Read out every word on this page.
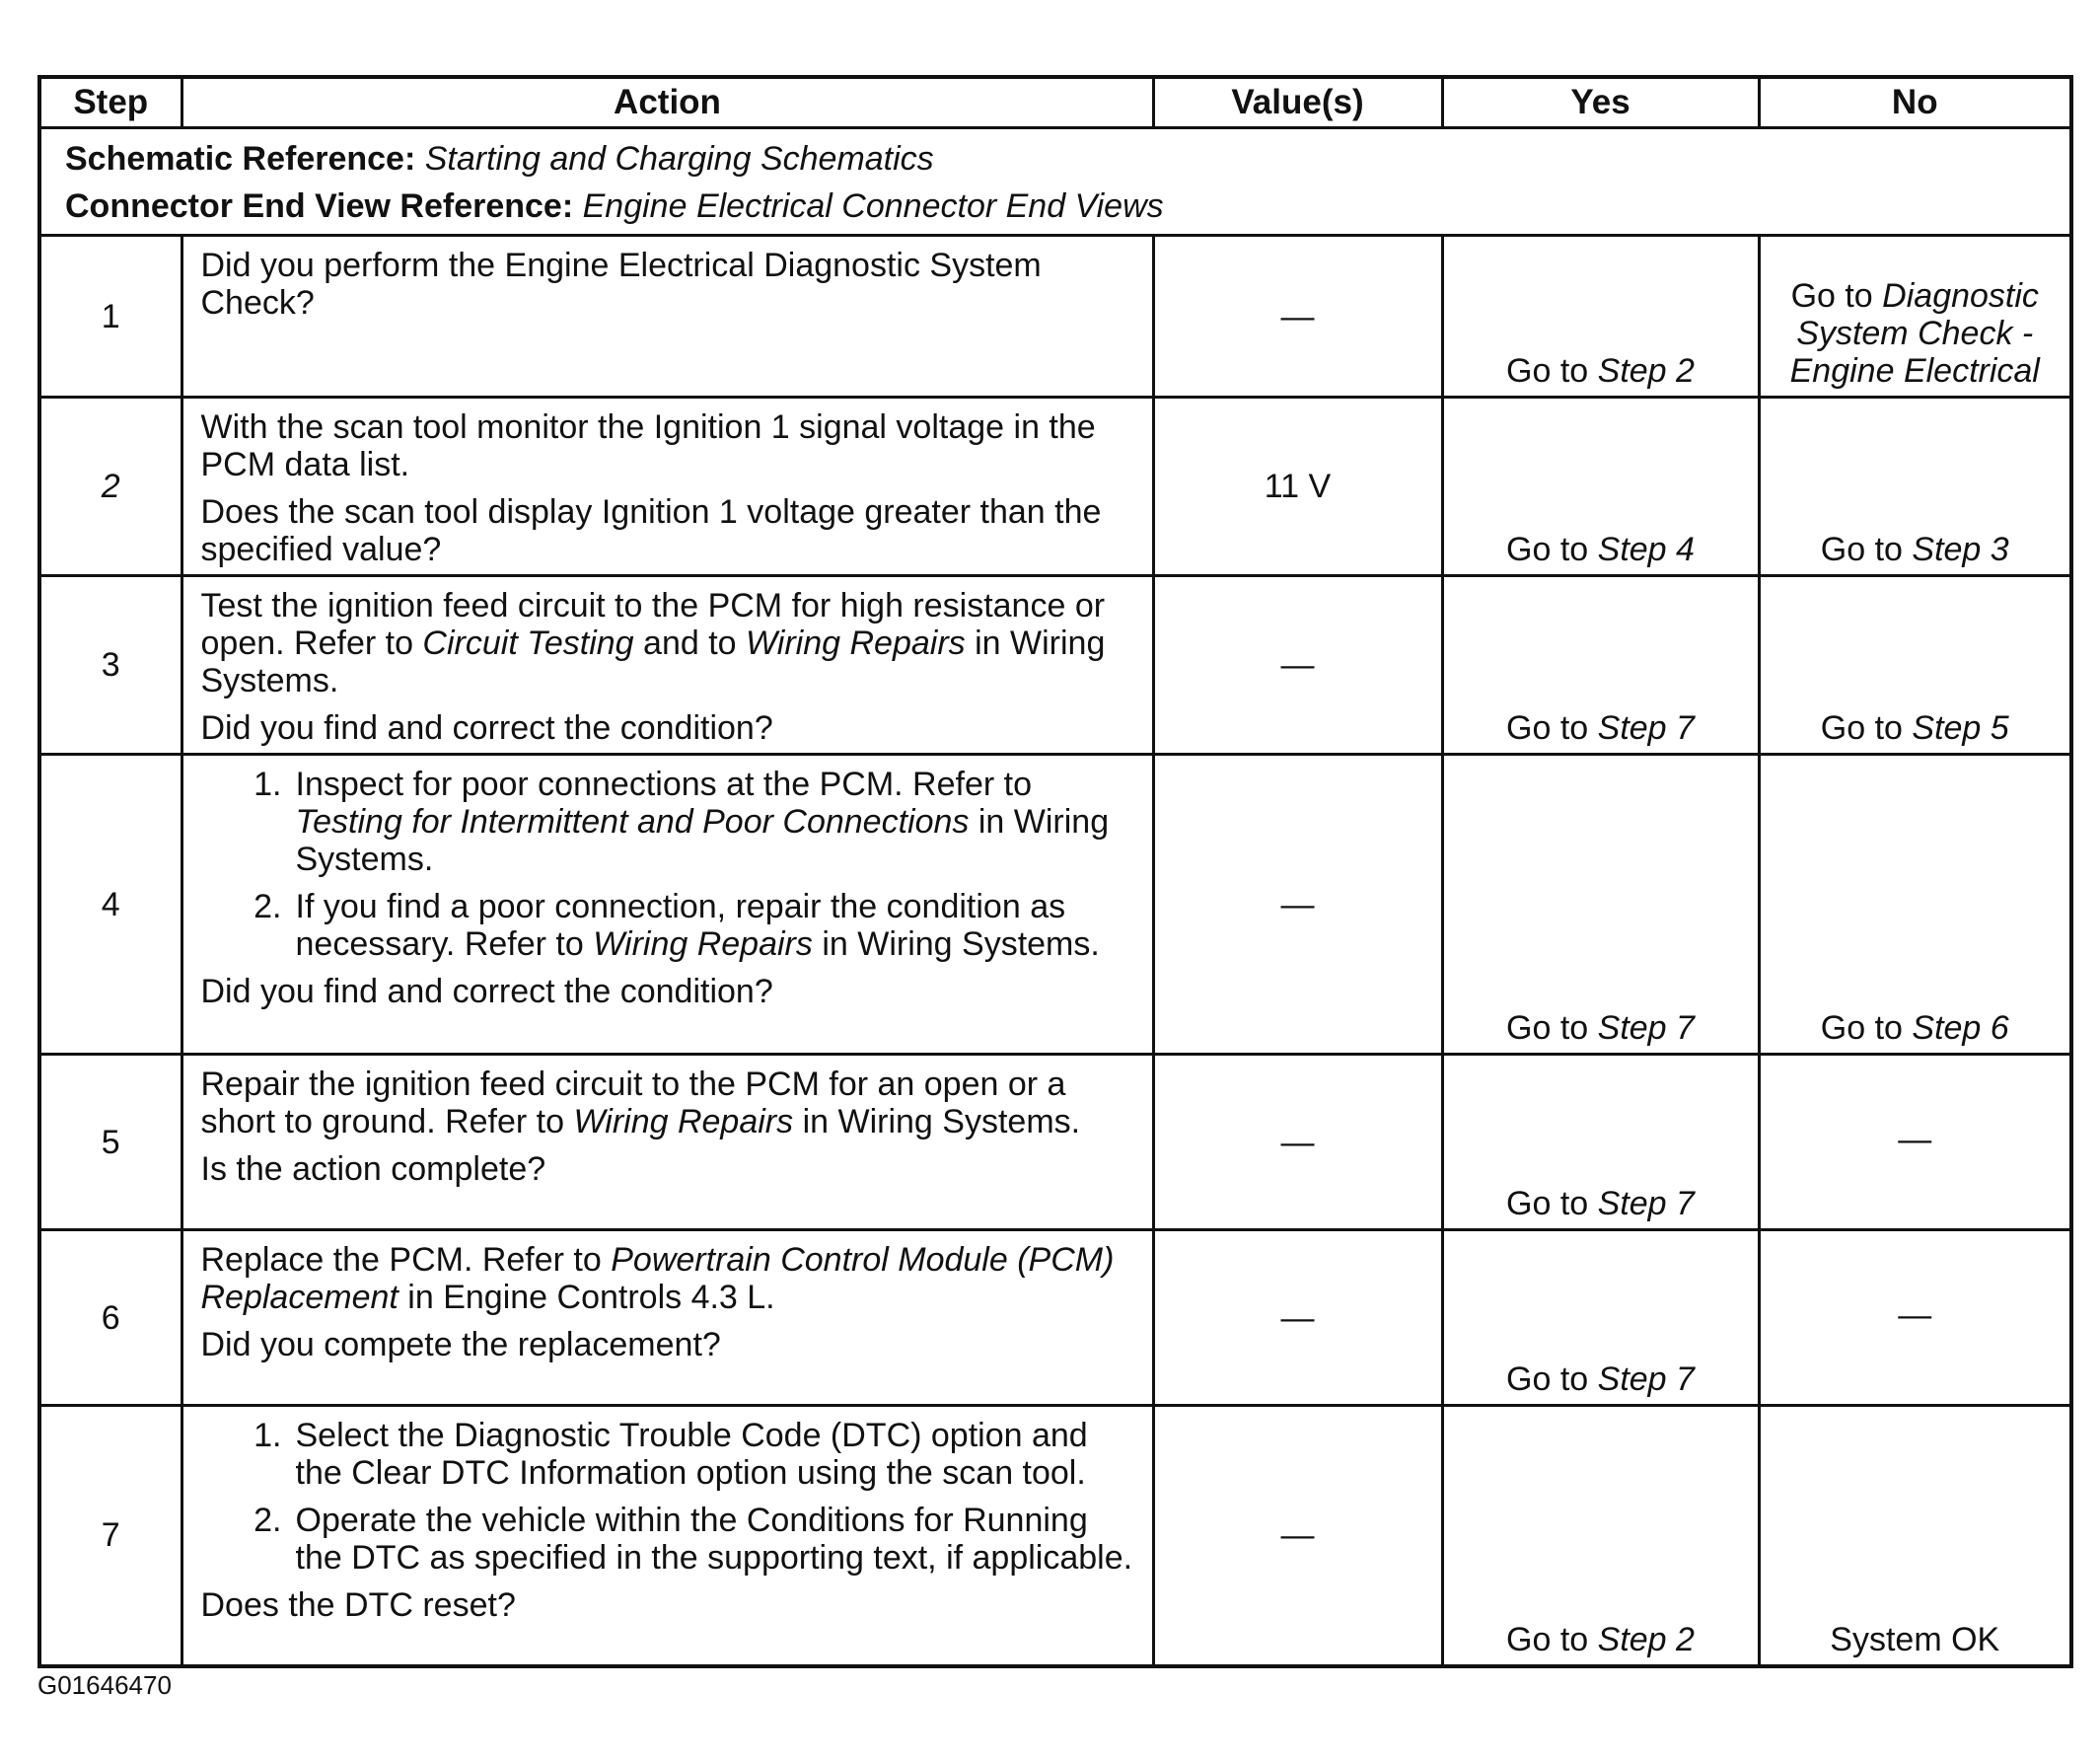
Step	Action	Value(s)	Yes	No

Schematic Reference: Starting and Charging Schematics
Connector End View Reference: Engine Electrical Connector End Views				

1	Did you perform the Engine Electrical Diagnostic System Check?	—	Go to Step 2	Go to Diagnostic System Check - Engine Electrical
2	With the scan tool monitor the Ignition 1 signal voltage in the PCM data list.
Does the scan tool display Ignition 1 voltage greater than the specified value?	11 V	Go to Step 4	Go to Step 3
3	Test the ignition feed circuit to the PCM for high resistance or open. Refer to Circuit Testing and to Wiring Repairs in Wiring Systems.
Did you find and correct the condition?	—	Go to Step 7	Go to Step 5
4	1. Inspect for poor connections at the PCM. Refer to Testing for Intermittent and Poor Connections in Wiring Systems.
2. If you find a poor connection, repair the condition as necessary. Refer to Wiring Repairs in Wiring Systems.
Did you find and correct the condition?	—	Go to Step 7	Go to Step 6
5	Repair the ignition feed circuit to the PCM for an open or a short to ground. Refer to Wiring Repairs in Wiring Systems.
Is the action complete?	—	Go to Step 7	—
6	Replace the PCM. Refer to Powertrain Control Module (PCM) Replacement in Engine Controls 4.3 L.
Did you compete the replacement?	—	Go to Step 7	—
7	1. Select the Diagnostic Trouble Code (DTC) option and the Clear DTC Information option using the scan tool.
2. Operate the vehicle within the Conditions for Running the DTC as specified in the supporting text, if applicable.
Does the DTC reset?	—	Go to Step 2	System OK
G01646470
